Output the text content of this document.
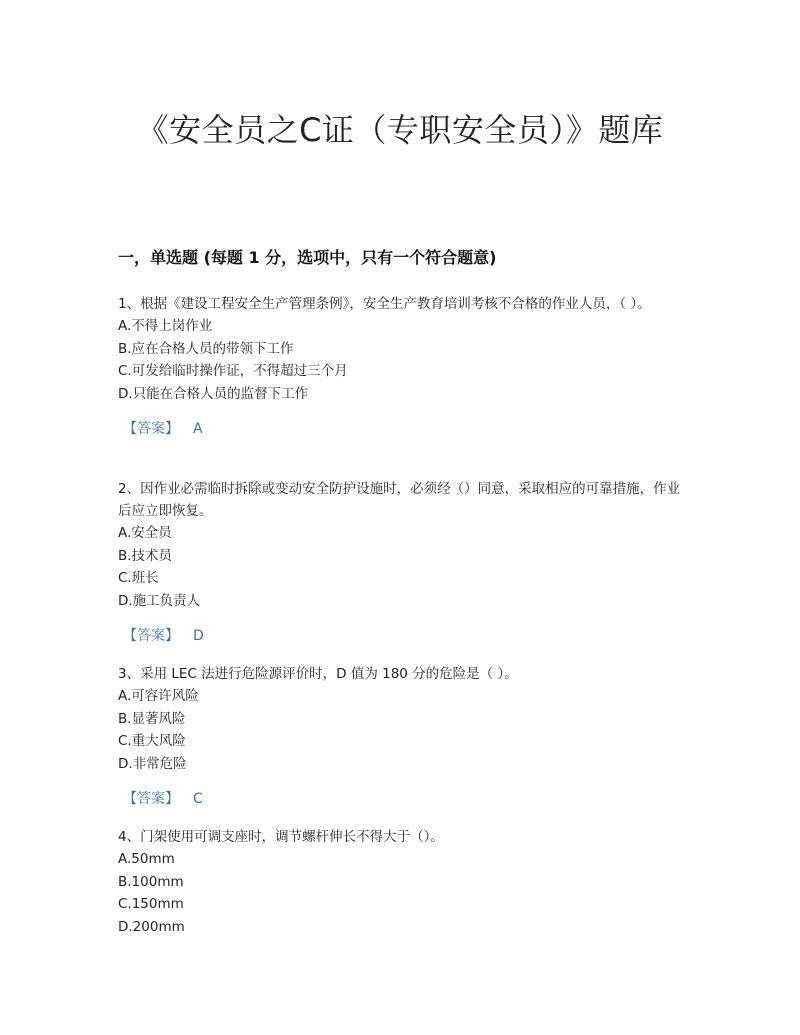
《安全员之C证（专职安全员）》题库
一，单选题 (每题 1 分，选项中，只有一个符合题意)

1、根据《建设工程安全生产管理条例》，安全生产教育培训考核不合格的作业人员，（ ）。

A.不得上岗作业

B.应在合格人员的带领下工作

C.可发给临时操作证，不得超过三个月

D.只能在合格人员的监督下工作

【答案】 A

2、因作业必需临时拆除或变动安全防护设施时，必须经（）同意，采取相应的可靠措施，作业后应立即恢复。

A.安全员

B.技术员

C.班长

D.施工负责人

【答案】 D

3、采用 LEC 法进行危险源评价时，D 值为 180 分的危险是（ ）。

A.可容许风险

B.显著风险

C.重大风险

D.非常危险

【答案】 C

4、门架使用可调支座时，调节螺杆伸长不得大于（）。

A.50mm

B.100mm

C.150mm

D.200mm
